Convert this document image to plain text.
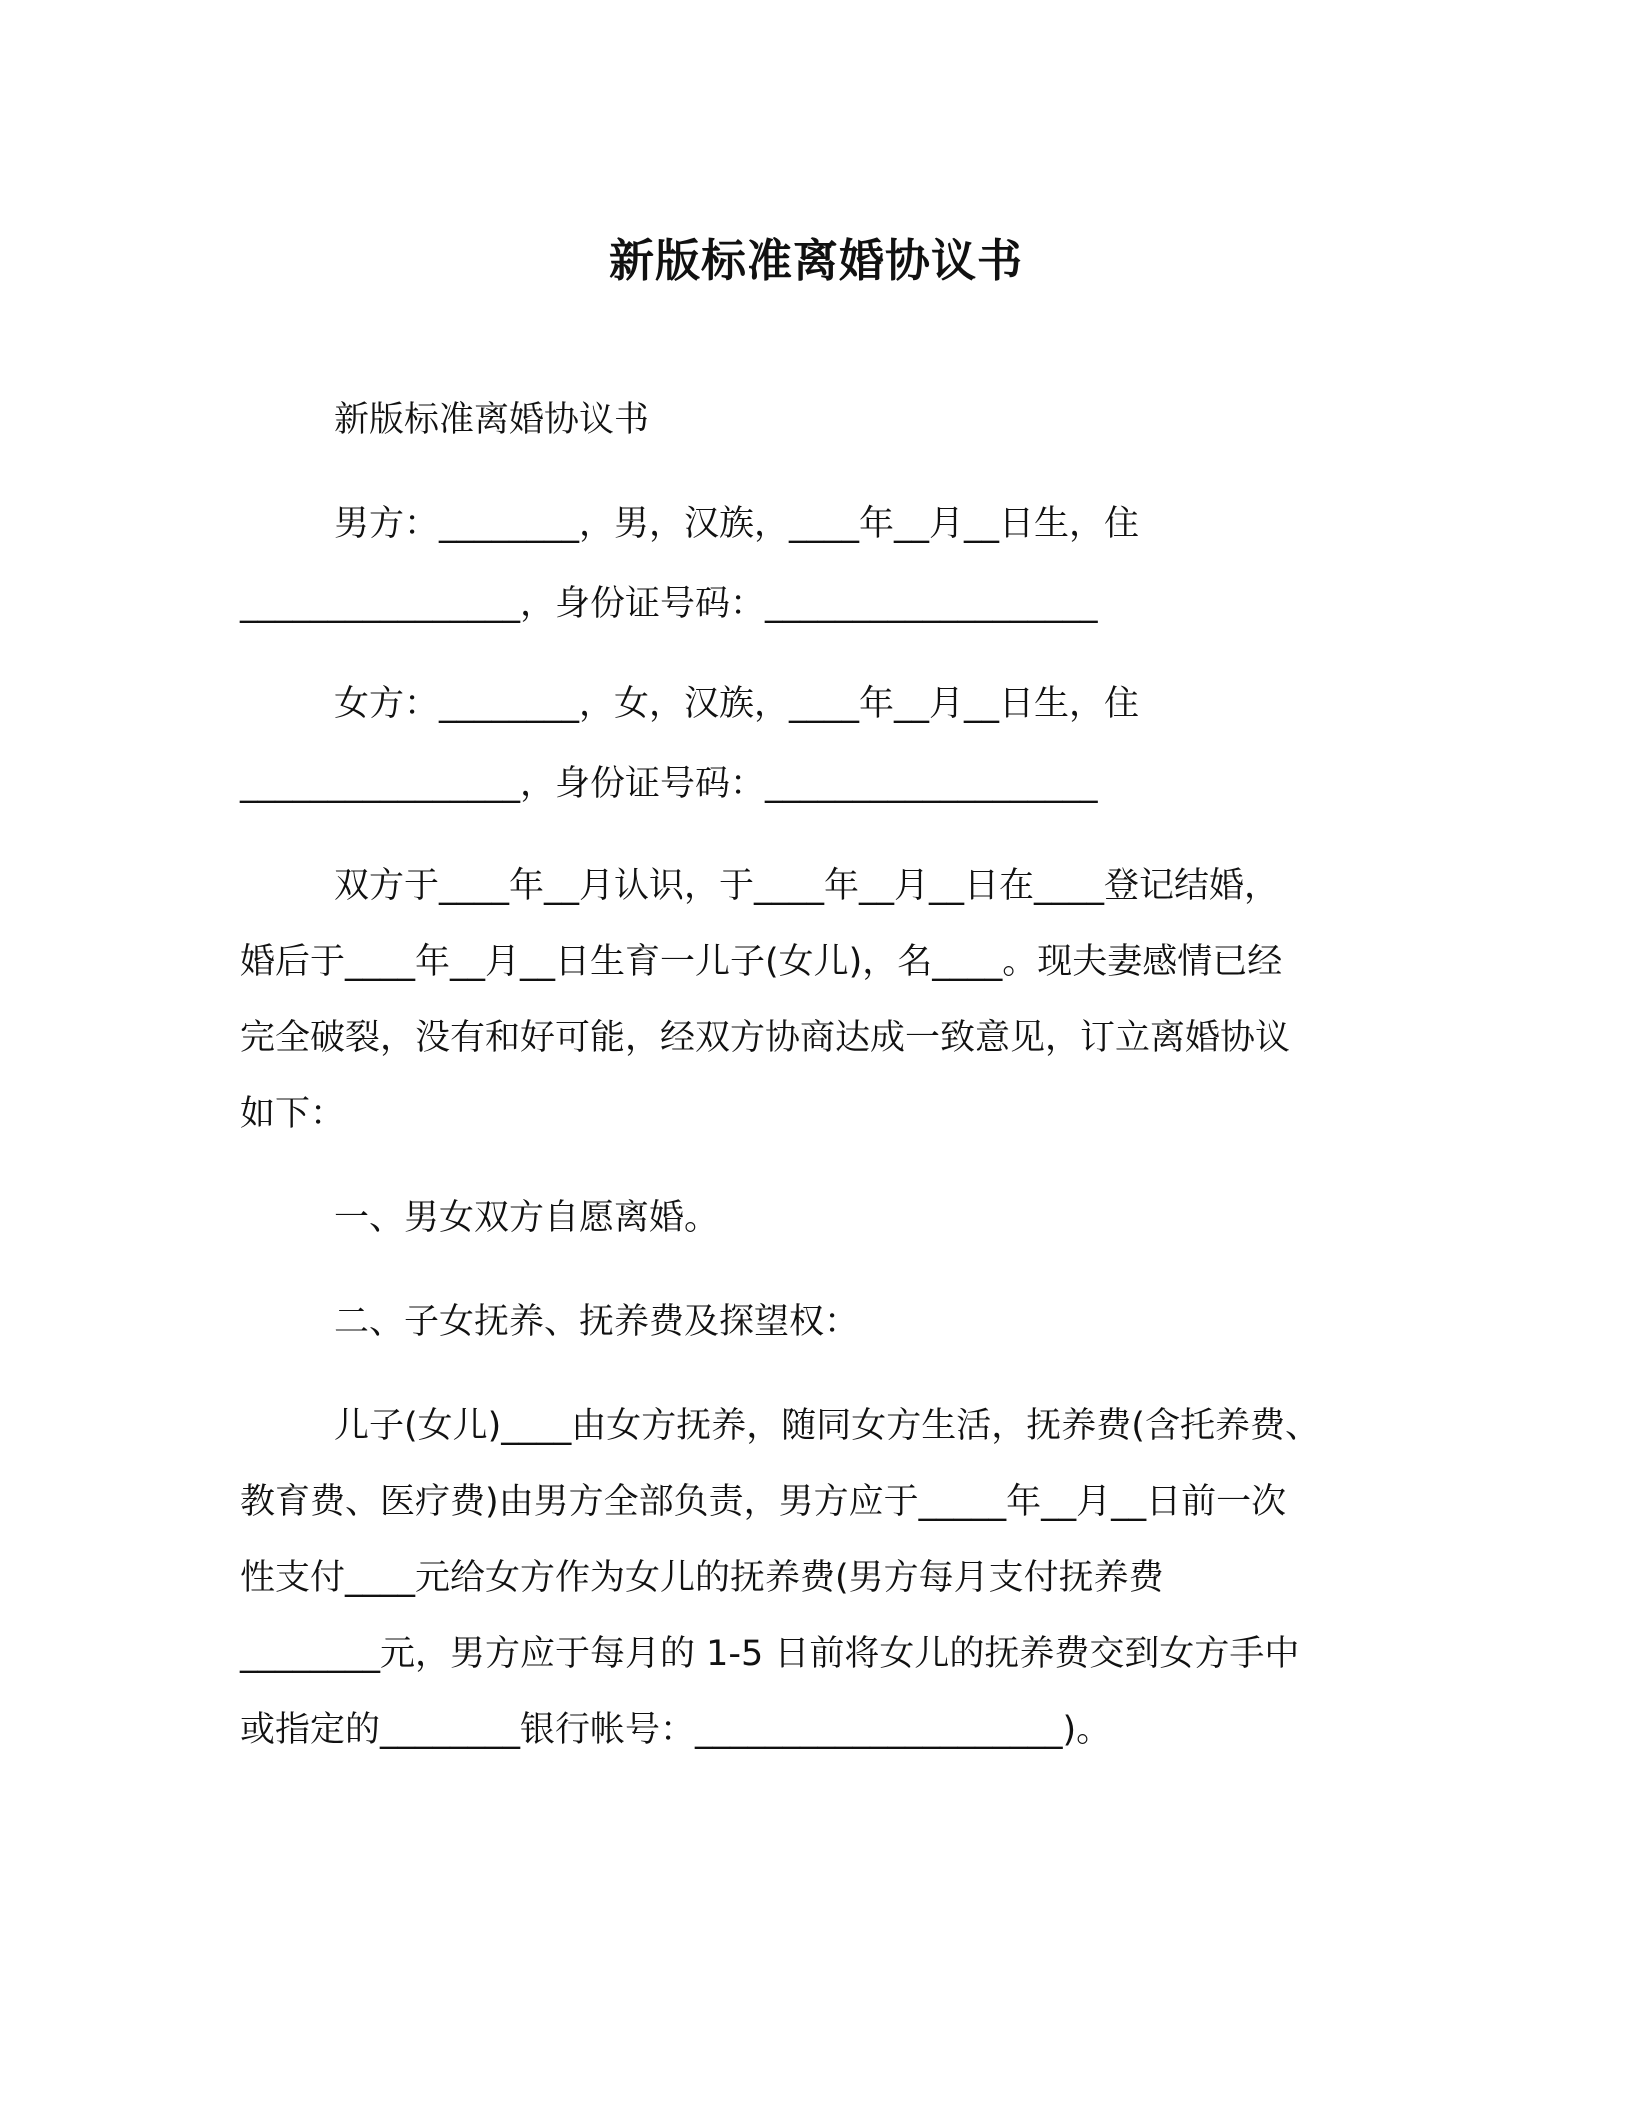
新版标准离婚协议书

新版标准离婚协议书

男方：________，男，汉族，____年__月__日生，住

________________，身份证号码：___________________

女方：________，女，汉族，____年__月__日生，住

________________，身份证号码：___________________

双方于____年__月认识，于____年__月__日在____登记结婚，

婚后于____年__月__日生育一儿子(女儿)，名____。现夫妻感情已经

完全破裂，没有和好可能，经双方协商达成一致意见，订立离婚协议

如下：

一、男女双方自愿离婚。

二、子女抚养、抚养费及探望权：

儿子(女儿)____由女方抚养，随同女方生活，抚养费(含托养费、

教育费、医疗费)由男方全部负责，男方应于_____年__月__日前一次

性支付____元给女方作为女儿的抚养费(男方每月支付抚养费

________元，男方应于每月的 1-5 日前将女儿的抚养费交到女方手中

或指定的________银行帐号：_____________________)。
